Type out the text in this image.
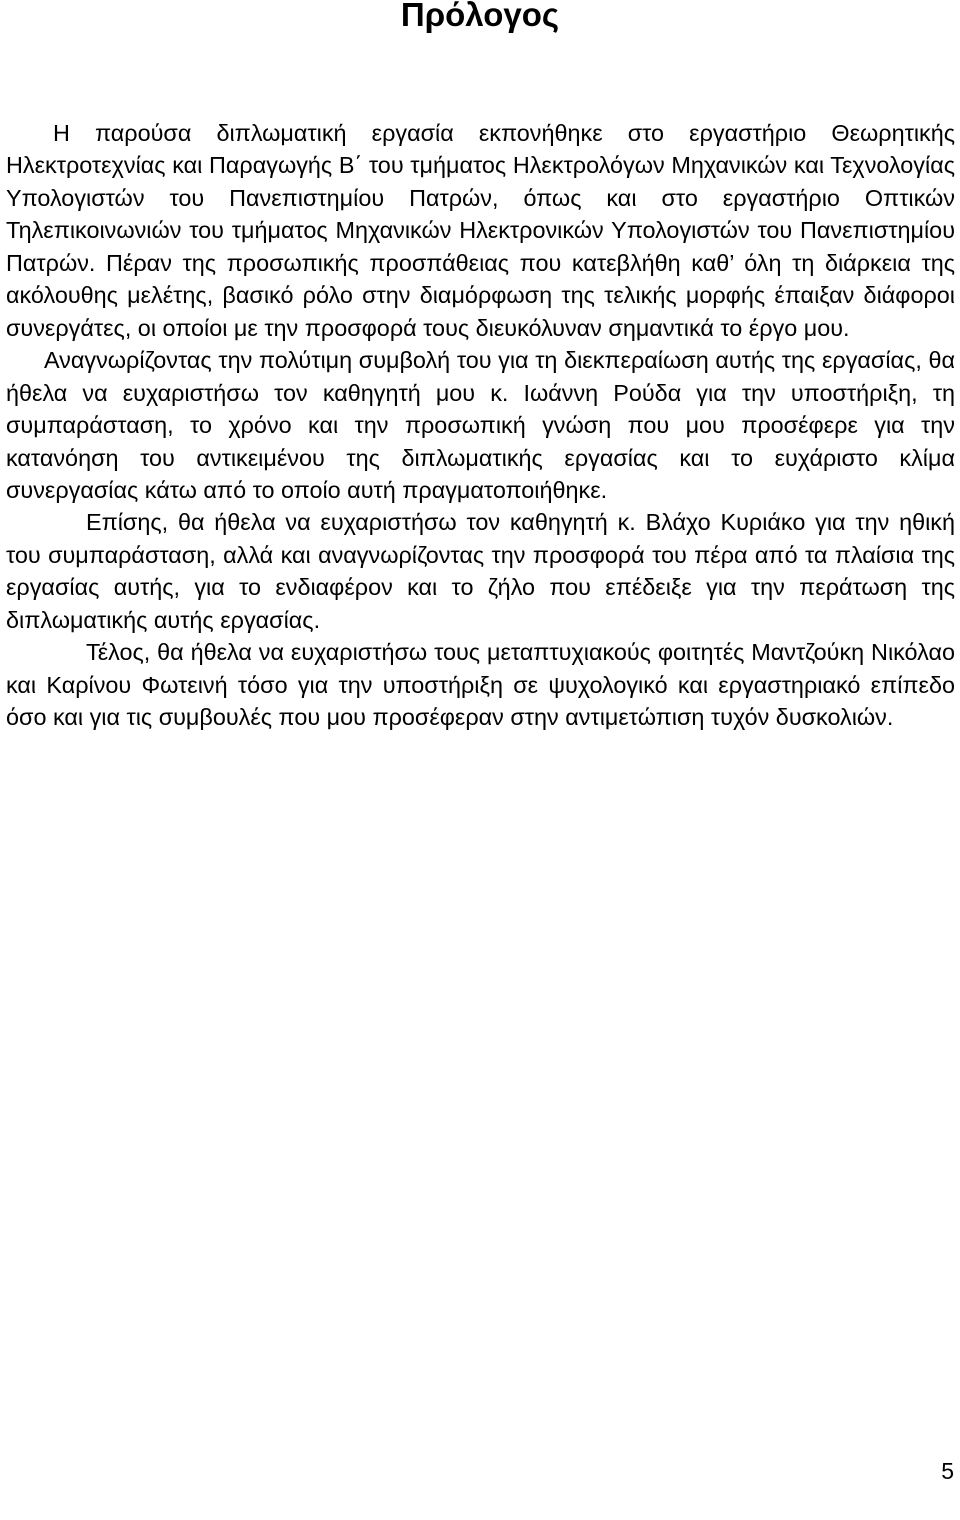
Πρόλογος

Η παρούσα διπλωματική εργασία εκπονήθηκε στο εργαστήριο Θεωρητικής Ηλεκτροτεχνίας και Παραγωγής Β΄ του τμήματος Ηλεκτρολόγων Μηχανικών και Τεχνολογίας Υπολογιστών του Πανεπιστημίου Πατρών, όπως και στο εργαστήριο Οπτικών Τηλεπικοινωνιών του τμήματος Μηχανικών Ηλεκτρονικών Υπολογιστών του Πανεπιστημίου Πατρών. Πέραν της προσωπικής προσπάθειας που κατεβλήθη καθ’ όλη τη διάρκεια της ακόλουθης μελέτης, βασικό ρόλο στην διαμόρφωση της τελικής μορφής έπαιξαν διάφοροι συνεργάτες, οι οποίοι με την προσφορά τους διευκόλυναν σημαντικά το έργο μου.

Αναγνωρίζοντας την πολύτιμη συμβολή του για τη διεκπεραίωση αυτής της εργασίας, θα ήθελα να ευχαριστήσω τον καθηγητή μου κ. Ιωάννη Ρούδα για την υποστήριξη, τη συμπαράσταση, το χρόνο και την προσωπική γνώση που μου προσέφερε για την κατανόηση του αντικειμένου της διπλωματικής εργασίας και το ευχάριστο κλίμα συνεργασίας κάτω από το οποίο αυτή πραγματοποιήθηκε.

Επίσης, θα ήθελα να ευχαριστήσω τον καθηγητή κ. Βλάχο Κυριάκο για την ηθική του συμπαράσταση, αλλά και αναγνωρίζοντας την προσφορά του πέρα από τα πλαίσια της εργασίας αυτής, για το ενδιαφέρον και το ζήλο που επέδειξε για την περάτωση της διπλωματικής αυτής εργασίας.

Τέλος, θα ήθελα να ευχαριστήσω τους μεταπτυχιακούς φοιτητές Μαντζούκη Νικόλαο και Καρίνου Φωτεινή τόσο για την υποστήριξη σε ψυχολογικό και εργαστηριακό επίπεδο όσο και για τις συμβουλές που μου προσέφεραν στην αντιμετώπιση τυχόν δυσκολιών.

5
